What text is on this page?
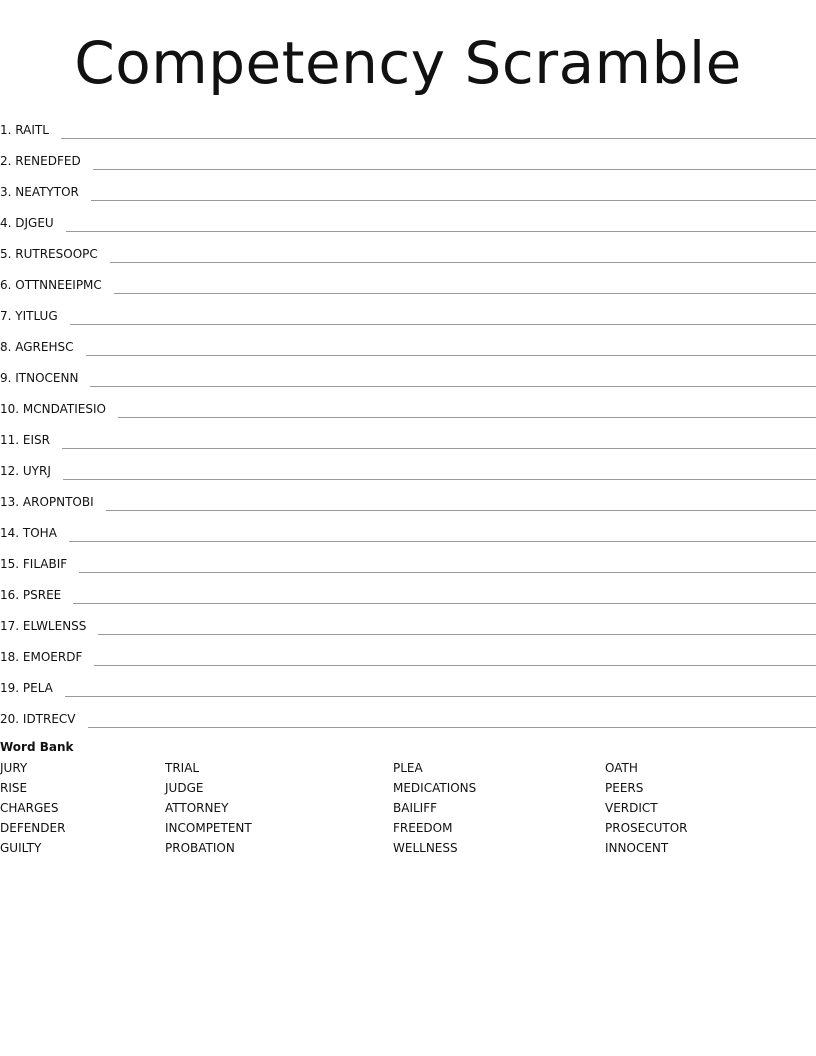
Competency Scramble
1. RAITL
2. RENEDFED
3. NEATYTOR
4. DJGEU
5. RUTRESOOPC
6. OTTNNEEIPMC
7. YITLUG
8. AGREHSC
9. ITNOCENN
10. MCNDATIESIO
11. EISR
12. UYRJ
13. AROPNTOBI
14. TOHA
15. FILABIF
16. PSREE
17. ELWLENSS
18. EMOERDF
19. PELA
20. IDTRECV
Word Bank
JURY	TRIAL	PLEA	OATH
RISE	JUDGE	MEDICATIONS	PEERS
CHARGES	ATTORNEY	BAILIFF	VERDICT
DEFENDER	INCOMPETENT	FREEDOM	PROSECUTOR
GUILTY	PROBATION	WELLNESS	INNOCENT
